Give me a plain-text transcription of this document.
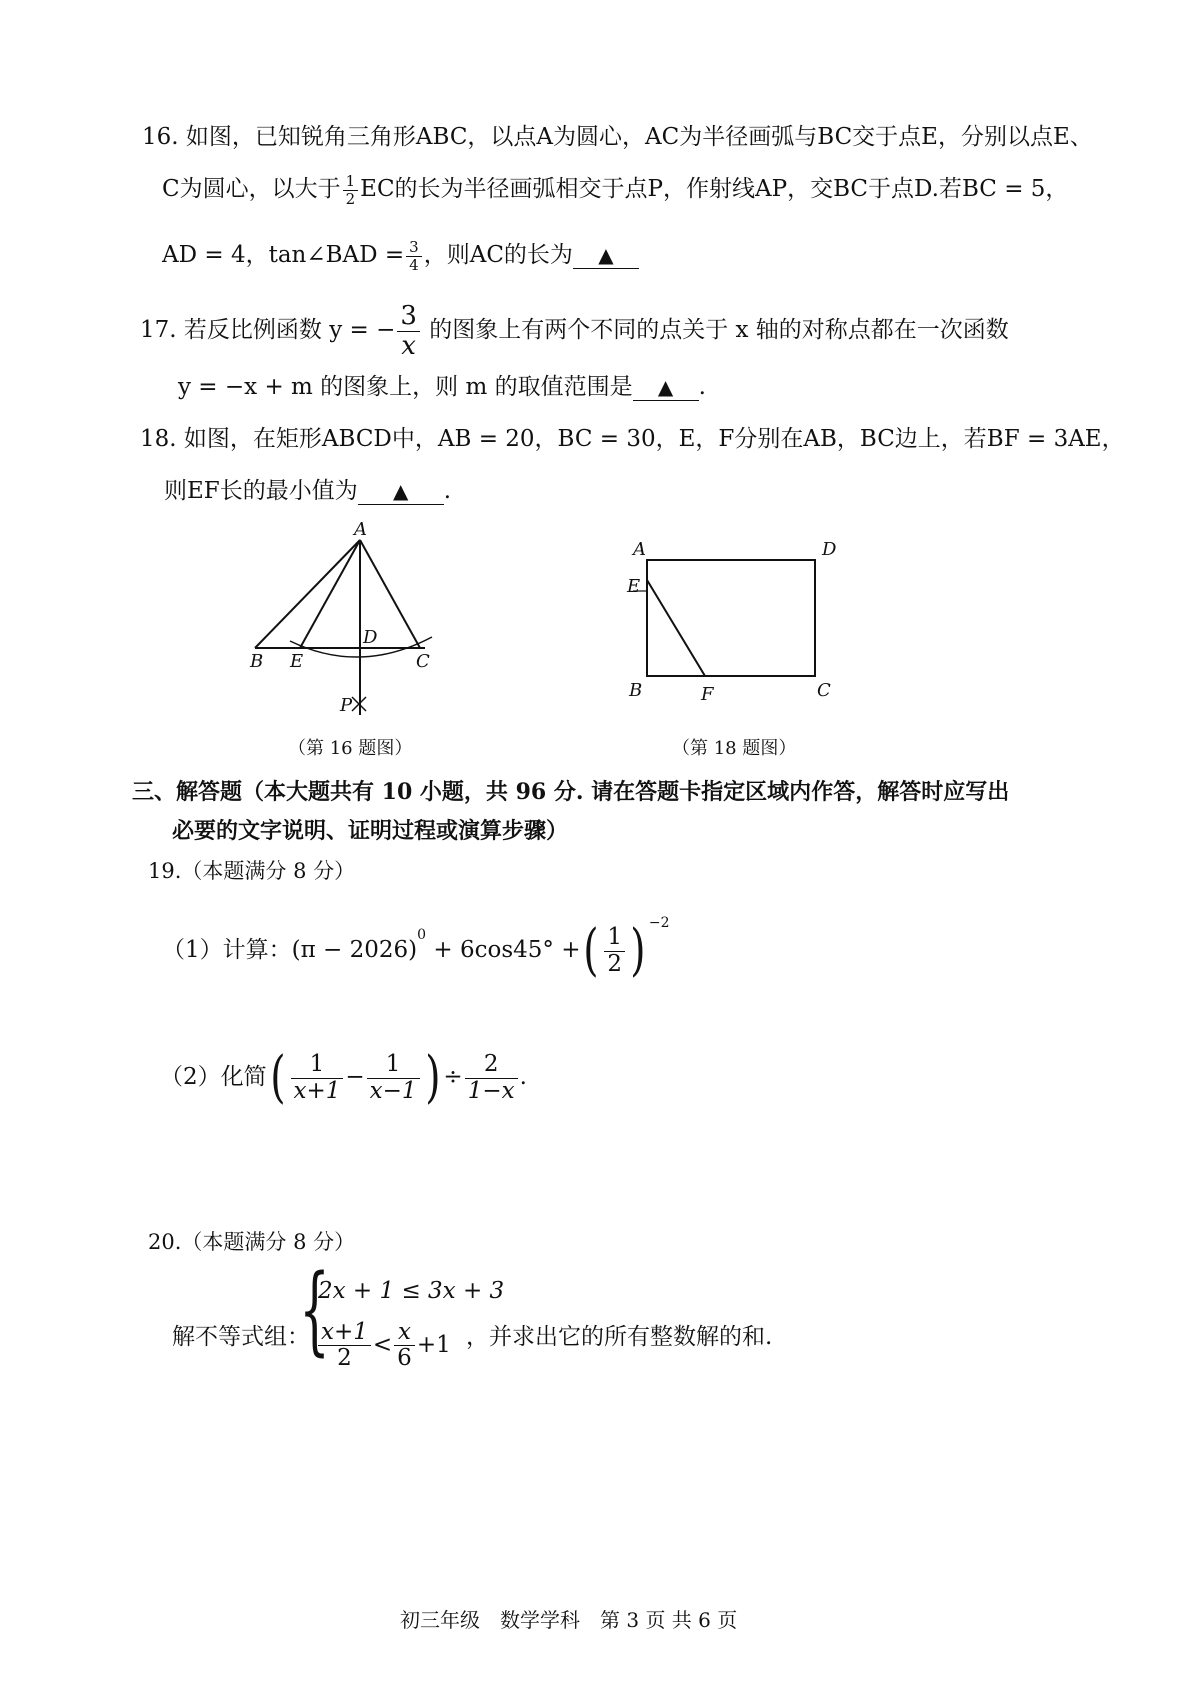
16. 如图，已知锐角三角形ABC，以点A为圆心，AC为半径画弧与BC交于点E，分别以点E、
C为圆心，以大于 $\frac{1}{2}$ EC的长为半径画弧相交于点P，作射线AP，交BC于点D.若BC = 5，
AD = 4，tan∠BAD = $\frac{3}{4}$ ，则AC的长为 ▲
17. 若反比例函数 y = − $\frac{3}{x}$ 的图象上有两个不同的点关于 x 轴的对称点都在一次函数
y = −x + m 的图象上，则 m 的取值范围是 ▲ .
18. 如图，在矩形ABCD中，AB = 20，BC = 30，E，F分别在AB，BC边上，若BF = 3AE，
则EF长的最小值为 ▲ .
A
B E
D
C
P
（第 16 题图）
A	D
E
B	F	C
（第 18 题图）
三、解答题（本大题共有 10 小题，共 96 分. 请在答题卡指定区域内作答，解答时应写出
必要的文字说明、证明过程或演算步骤）
19.（本题满分 8 分）
（1）计算：$(\pi - 2026)^0 + 6\cos 45^\circ$ +( $\frac{1}{2}$ ) $^{-2}$
（2）化简( $\frac{1}{x+1} - \frac{1}{x-1}$ ) ÷ $\frac{2}{1-x}$ .
20.（本题满分 8 分）
解不等式组：
{
2x + 1 ≤ 3x + 3
$\frac{x+1}{2} < \frac{x}{6} +1$ ，并求出它的所有整数解的和.
初三年级　数学学科　第 3 页 共 6 页
